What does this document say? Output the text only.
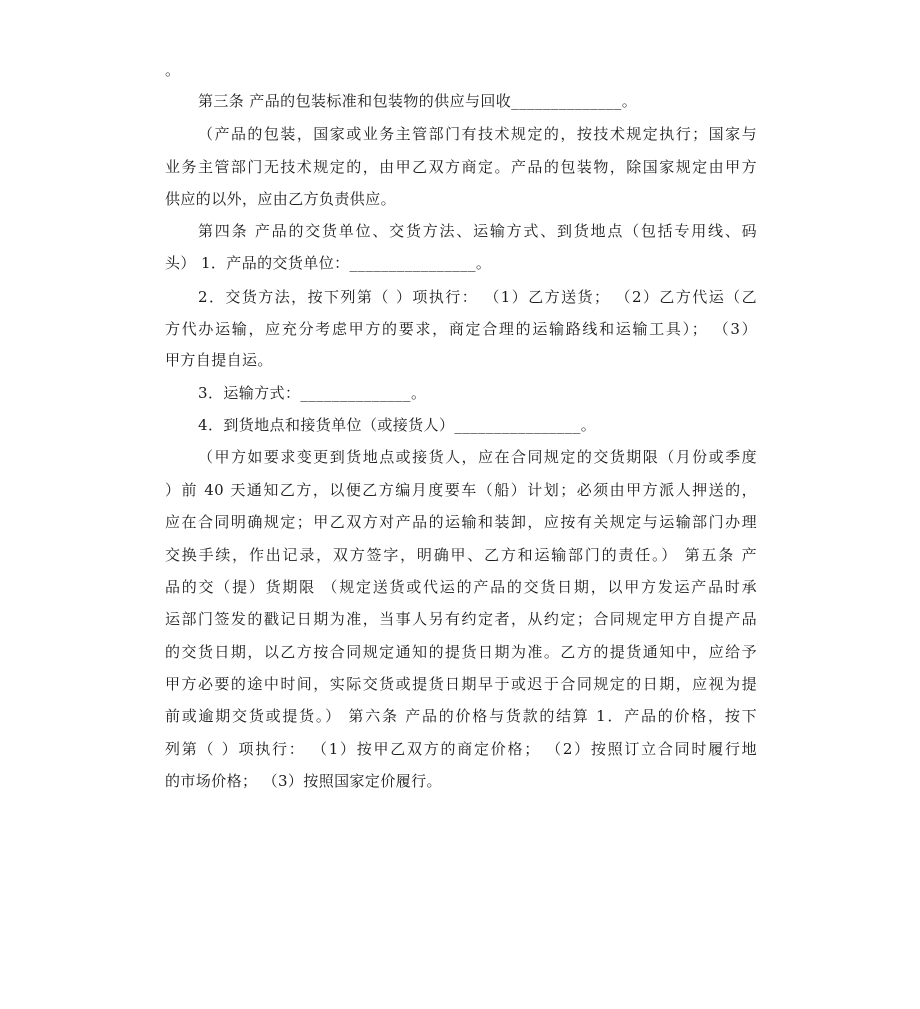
。
第三条 产品的包装标准和包装物的供应与回收______________。
（产品的包装，国家或业务主管部门有技术规定的，按技术规定执行；国家与
业务主管部门无技术规定的，由甲乙双方商定。产品的包装物，除国家规定由甲方
供应的以外，应由乙方负责供应。
第四条 产品的交货单位、交货方法、运输方式、到货地点（包括专用线、码
头） 1．产品的交货单位：________________。
2．交货方法，按下列第（ ）项执行： （1）乙方送货； （2）乙方代运（乙
方代办运输，应充分考虑甲方的要求，商定合理的运输路线和运输工具）； （3）
甲方自提自运。
3．运输方式：______________。
4．到货地点和接货单位（或接货人）________________。
（甲方如要求变更到货地点或接货人，应在合同规定的交货期限（月份或季度
）前 40 天通知乙方，以便乙方编月度要车（船）计划；必须由甲方派人押送的，
应在合同明确规定；甲乙双方对产品的运输和装卸，应按有关规定与运输部门办理
交换手续，作出记录，双方签字，明确甲、乙方和运输部门的责任。） 第五条 产
品的交（提）货期限 （规定送货或代运的产品的交货日期，以甲方发运产品时承
运部门签发的戳记日期为准，当事人另有约定者，从约定；合同规定甲方自提产品
的交货日期，以乙方按合同规定通知的提货日期为准。乙方的提货通知中，应给予
甲方必要的途中时间，实际交货或提货日期早于或迟于合同规定的日期，应视为提
前或逾期交货或提货。） 第六条 产品的价格与货款的结算 1．产品的价格，按下
列第（ ）项执行： （1）按甲乙双方的商定价格； （2）按照订立合同时履行地
的市场价格； （3）按照国家定价履行。
